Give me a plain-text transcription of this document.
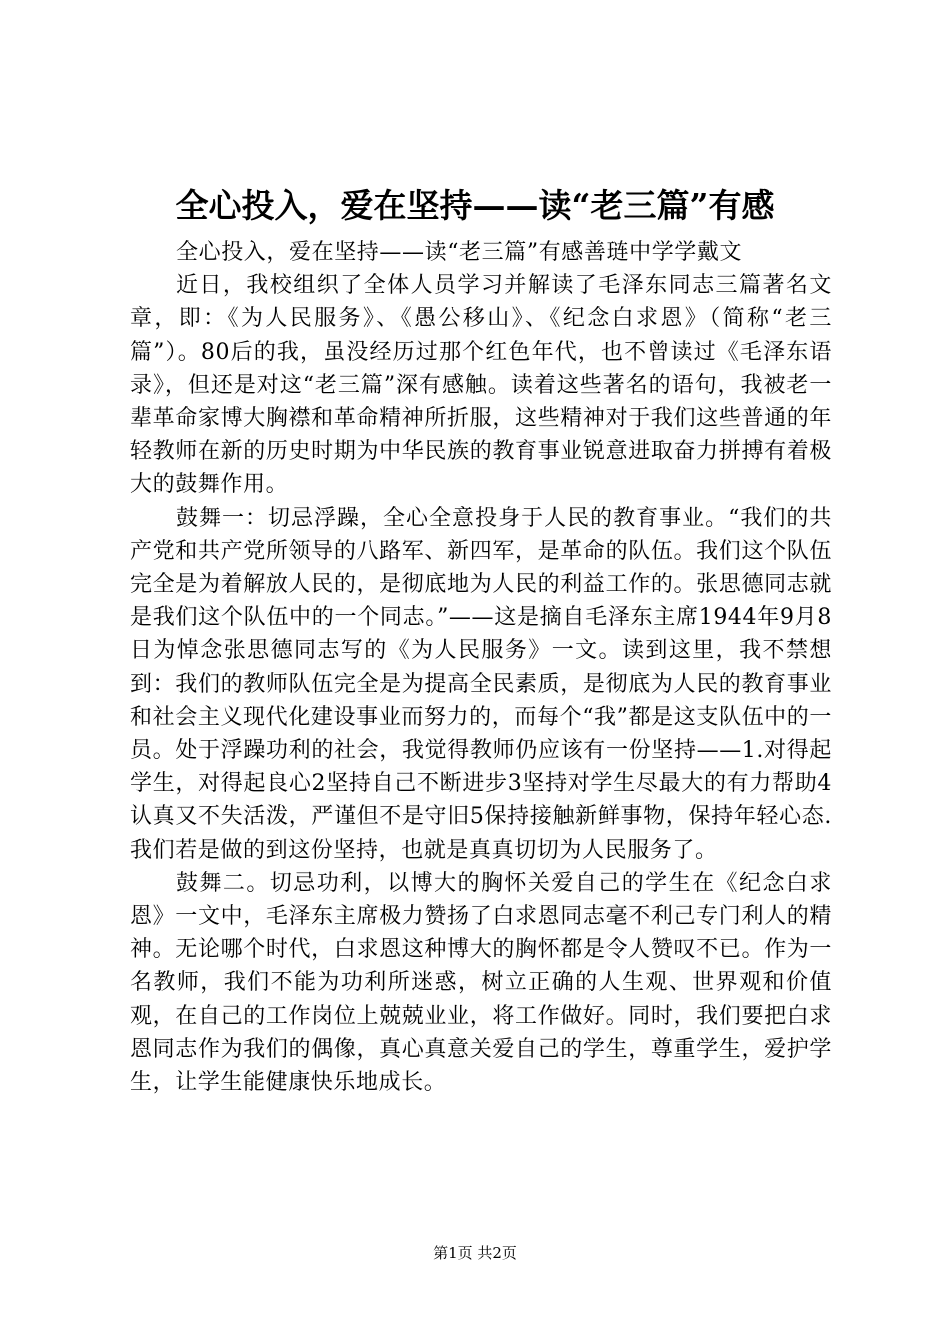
全心投入，爱在坚持——读“老三篇”有感

全心投入，爱在坚持——读“老三篇”有感善琏中学学戴文

近日，我校组织了全体人员学习并解读了毛泽东同志三篇著名文章，即：《为人民服务》、《愚公移山》、《纪念白求恩》（简称“老三篇”）。80后的我，虽没经历过那个红色年代，也不曾读过《毛泽东语录》，但还是对这“老三篇”深有感触。读着这些著名的语句，我被老一辈革命家博大胸襟和革命精神所折服，这些精神对于我们这些普通的年轻教师在新的历史时期为中华民族的教育事业锐意进取奋力拼搏有着极大的鼓舞作用。

鼓舞一：切忌浮躁，全心全意投身于人民的教育事业。“我们的共产党和共产党所领导的八路军、新四军，是革命的队伍。我们这个队伍完全是为着解放人民的，是彻底地为人民的利益工作的。张思德同志就是我们这个队伍中的一个同志。”——这是摘自毛泽东主席1944年9月8日为悼念张思德同志写的《为人民服务》一文。读到这里，我不禁想到：我们的教师队伍完全是为提高全民素质，是彻底为人民的教育事业和社会主义现代化建设事业而努力的，而每个“我”都是这支队伍中的一员。处于浮躁功利的社会，我觉得教师仍应该有一份坚持——1.对得起学生，对得起良心2坚持自己不断进步3坚持对学生尽最大的有力帮助4认真又不失活泼，严谨但不是守旧5保持接触新鲜事物，保持年轻心态.我们若是做的到这份坚持，也就是真真切切为人民服务了。

鼓舞二。切忌功利，以博大的胸怀关爱自己的学生在《纪念白求恩》一文中，毛泽东主席极力赞扬了白求恩同志毫不利己专门利人的精神。无论哪个时代，白求恩这种博大的胸怀都是令人赞叹不已。作为一名教师，我们不能为功利所迷惑，树立正确的人生观、世界观和价值观，在自己的工作岗位上兢兢业业，将工作做好。同时，我们要把白求恩同志作为我们的偶像，真心真意关爱自己的学生，尊重学生，爱护学生，让学生能健康快乐地成长。

第1页 共2页
